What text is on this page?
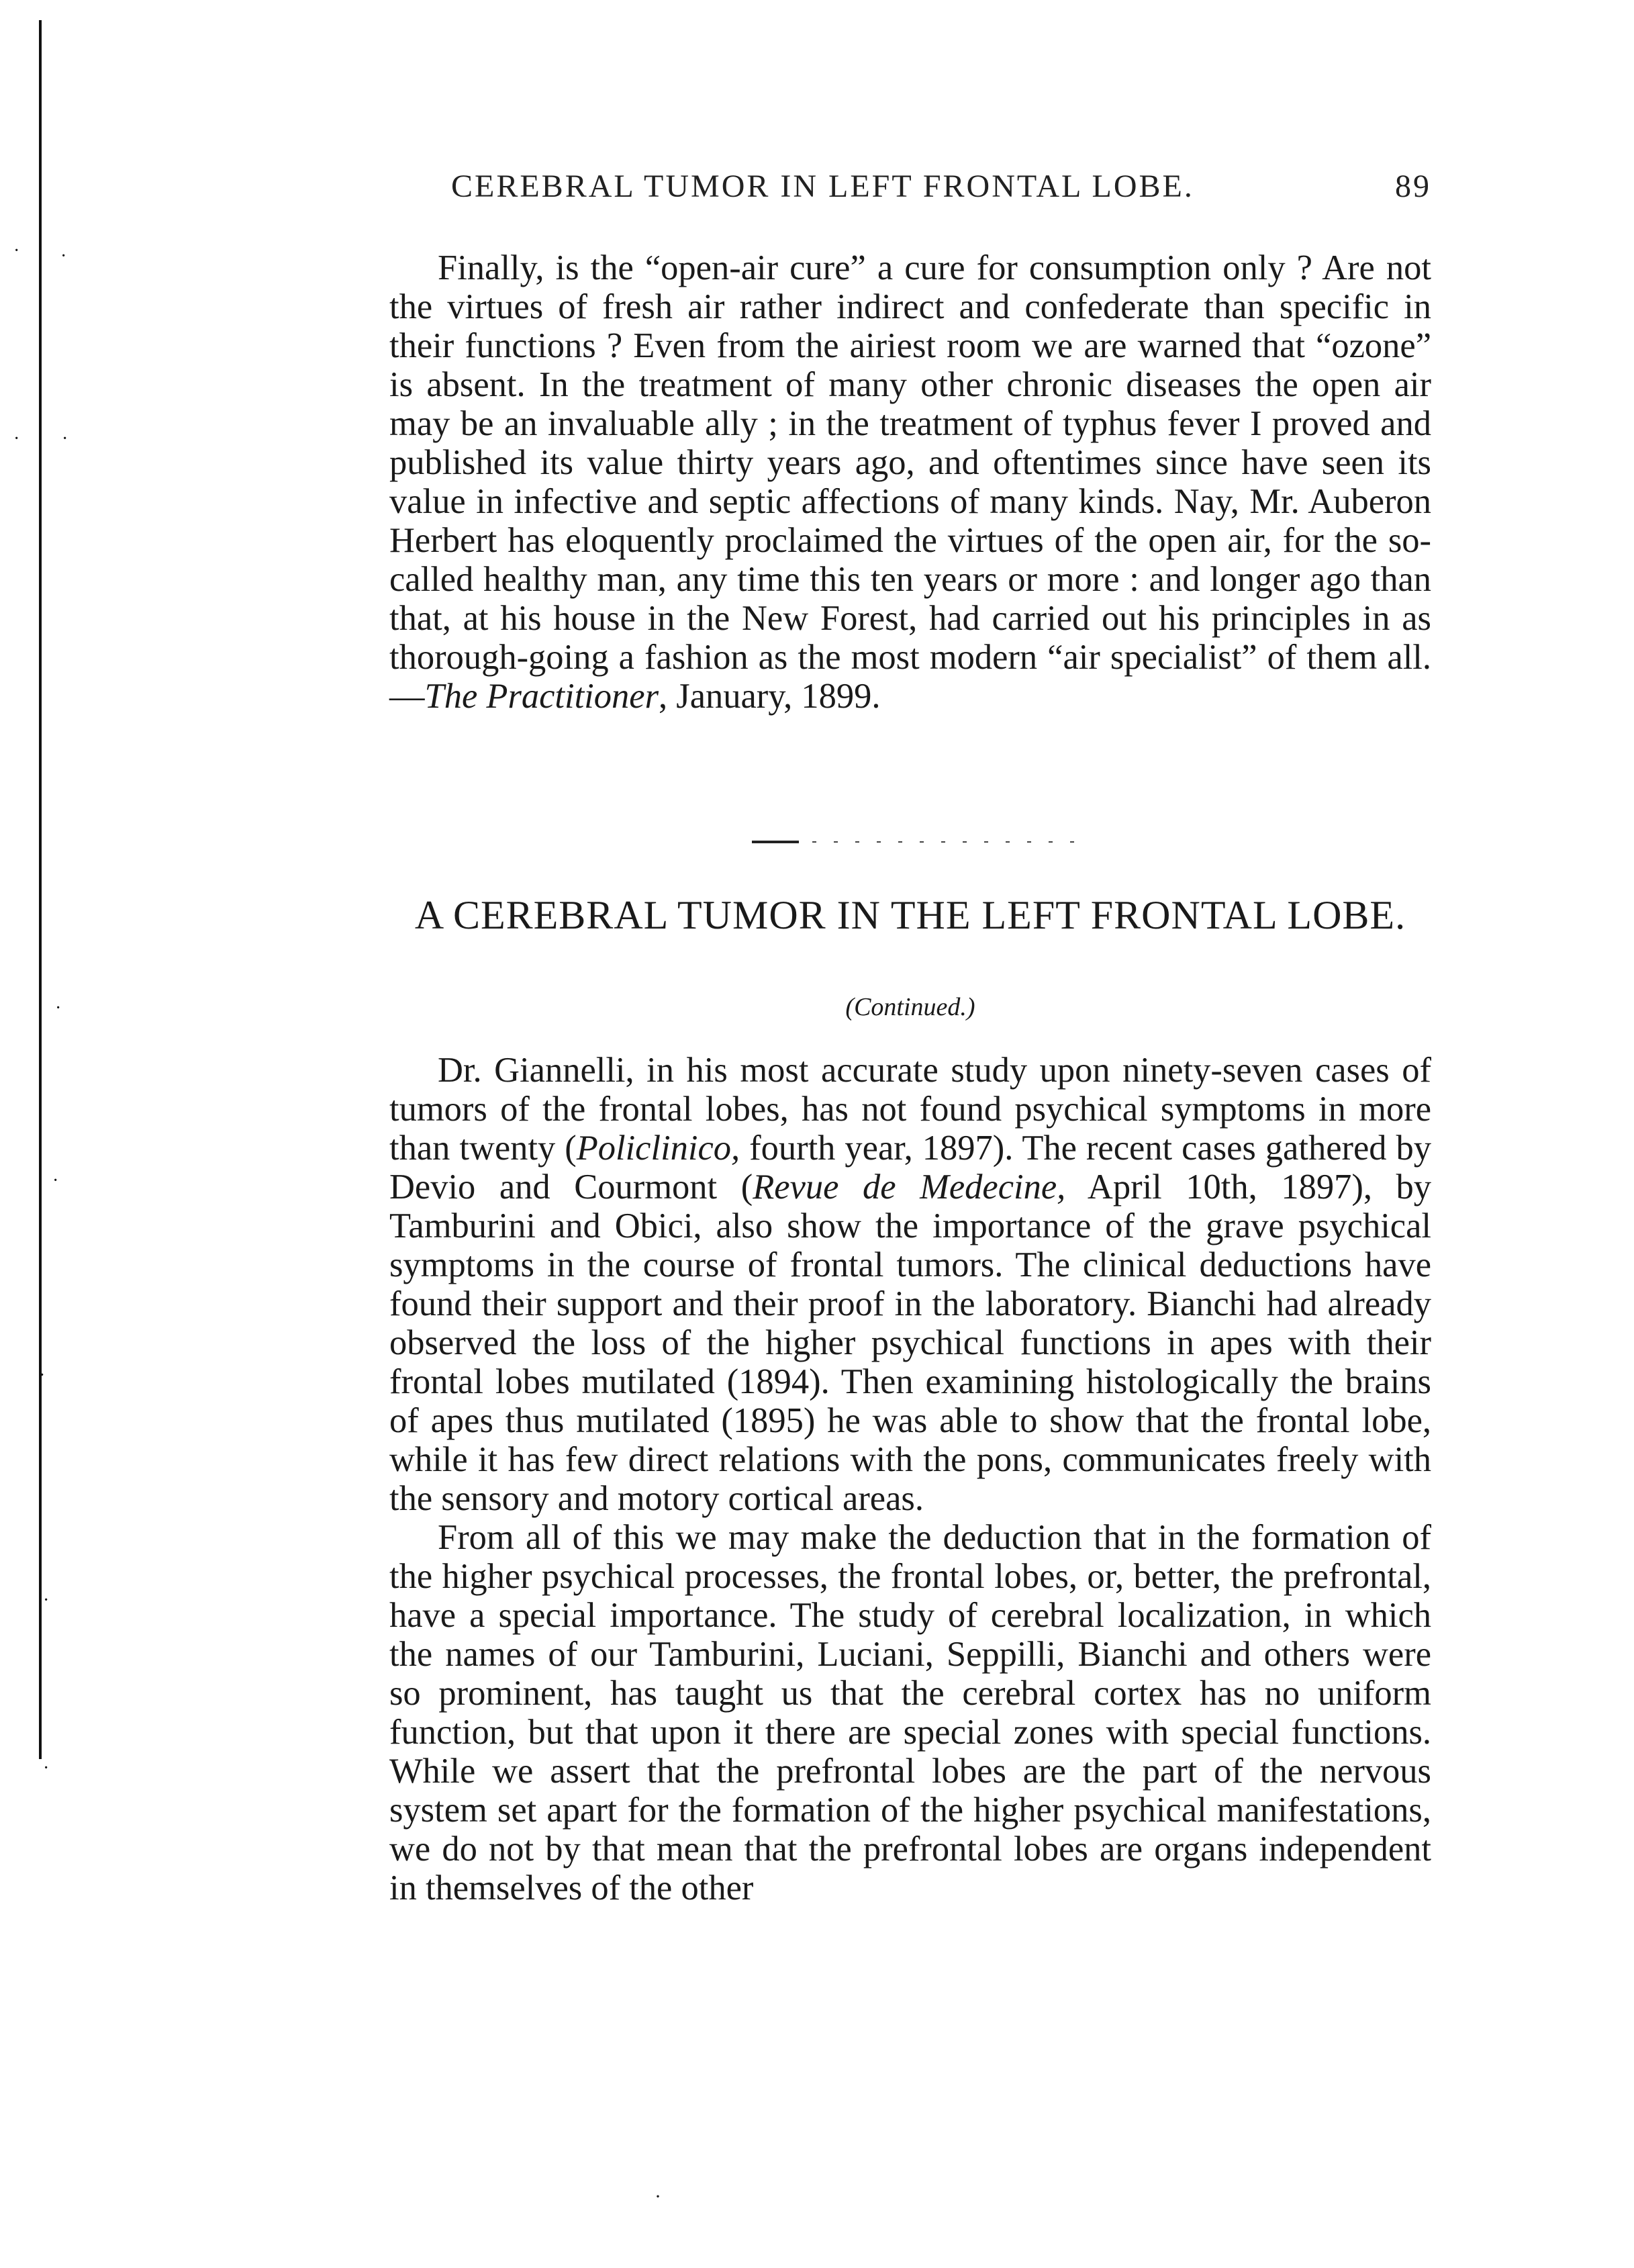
· ·
· ·
·
·
·
·
·
CEREBRAL TUMOR IN LEFT FRONTAL LOBE.	89

Finally, is the “open-air cure” a cure for consumption only ? Are not the virtues of fresh air rather indirect and confederate than specific in their functions ? Even from the airiest room we are warned that “ozone” is absent. In the treatment of many other chronic diseases the open air may be an invaluable ally ; in the treatment of typhus fever I proved and published its value thirty years ago, and oftentimes since have seen its value in infective and septic affections of many kinds. Nay, Mr. Auberon Herbert has eloquently proclaimed the virtues of the open air, for the so-called healthy man, any time this ten years or more : and longer ago than that, at his house in the New Forest, had carried out his principles in as thorough-going a fashion as the most modern “air specialist” of them all.—The Practitioner, January, 1899.

A CEREBRAL TUMOR IN THE LEFT FRONTAL LOBE.
(Continued.)

Dr. Giannelli, in his most accurate study upon ninety-seven cases of tumors of the frontal lobes, has not found psychical symptoms in more than twenty (Policlinico, fourth year, 1897). The recent cases gathered by Devio and Courmont (Revue de Medecine, April 10th, 1897), by Tamburini and Obici, also show the importance of the grave psychical symptoms in the course of frontal tumors. The clinical deductions have found their support and their proof in the laboratory. Bianchi had already observed the loss of the higher psychical functions in apes with their frontal lobes mutilated (1894). Then examining histologically the brains of apes thus mutilated (1895) he was able to show that the frontal lobe, while it has few direct relations with the pons, communicates freely with the sensory and motory cortical areas.

From all of this we may make the deduction that in the formation of the higher psychical processes, the frontal lobes, or, better, the prefrontal, have a special importance. The study of cerebral localization, in which the names of our Tamburini, Luciani, Seppilli, Bianchi and others were so prominent, has taught us that the cerebral cortex has no uniform function, but that upon it there are special zones with special functions. While we assert that the prefrontal lobes are the part of the nervous system set apart for the formation of the higher psychical manifestations, we do not by that mean that the prefrontal lobes are organs independent in themselves of the other

·
